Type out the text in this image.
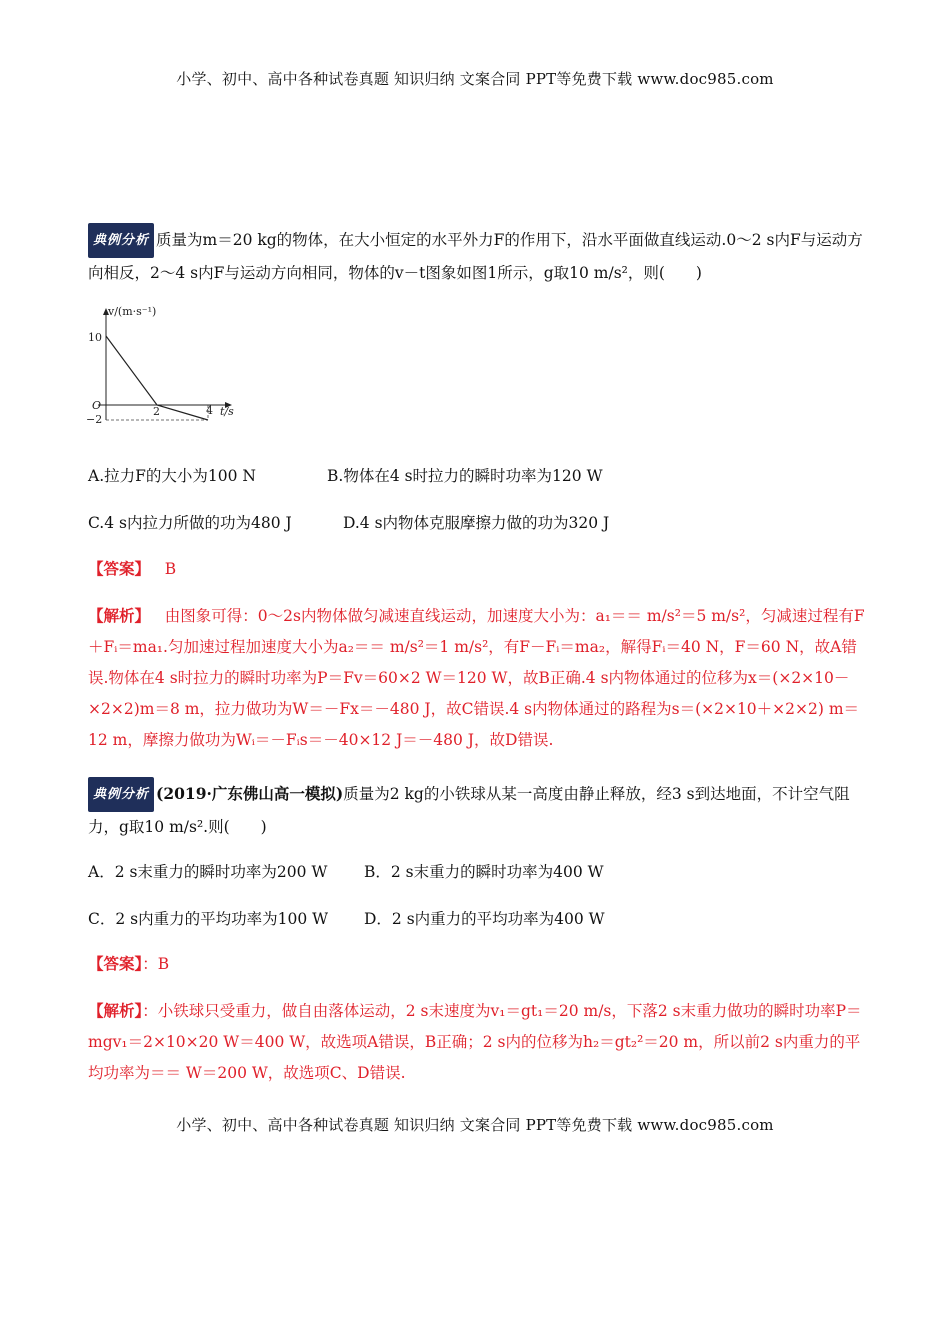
小学、初中、高中各种试卷真题 知识归纳 文案合同 PPT等免费下载 www.doc985.com
典例分析 质量为m＝20 kg的物体，在大小恒定的水平外力F的作用下，沿水平面做直线运动.0～2 s内F与运动方向相反，2～4 s内F与运动方向相同，物体的v－t图象如图1所示，g取10 m/s²，则(　　)
v/(m·s⁻¹)
10
O
−2
2	4 t/s
A.拉力F的大小为100 N	B.物体在4 s时拉力的瞬时功率为120 W
C.4 s内拉力所做的功为480 J	D.4 s内物体克服摩擦力做的功为320 J
【答案】 B
【解析】 由图象可得：0～2s内物体做匀减速直线运动，加速度大小为：a₁＝＝ m/s²＝5 m/s²，匀减速过程有F＋Fᵢ＝ma₁.匀加速过程加速度大小为a₂＝＝ m/s²＝1 m/s²，有F－Fᵢ＝ma₂，解得Fᵢ＝40 N，F＝60 N，故A错误.物体在4 s时拉力的瞬时功率为P＝Fv＝60×2 W＝120 W，故B正确.4 s内物体通过的位移为x＝(×2×10－×2×2)m＝8 m，拉力做功为W＝－Fx＝－480 J，故C错误.4 s内物体通过的路程为s＝(×2×10＋×2×2) m＝12 m，摩擦力做功为Wᵢ＝－Fᵢs＝－40×12 J＝－480 J，故D错误.
典例分析 (2019·广东佛山高一模拟)质量为2 kg的小铁球从某一高度由静止释放，经3 s到达地面，不计空气阻力，g取10 m/s².则(　　)
A．2 s末重力的瞬时功率为200 W B．2 s末重力的瞬时功率为400 W
C．2 s内重力的平均功率为100 W D．2 s内重力的平均功率为400 W
【答案】：B
【解析】：小铁球只受重力，做自由落体运动，2 s末速度为v₁＝gt₁＝20 m/s，下落2 s末重力做功的瞬时功率P＝mgv₁＝2×10×20 W＝400 W，故选项A错误，B正确；2 s内的位移为h₂＝gt₂²＝20 m，所以前2 s内重力的平均功率为＝＝ W＝200 W，故选项C、D错误.
小学、初中、高中各种试卷真题 知识归纳 文案合同 PPT等免费下载 www.doc985.com
